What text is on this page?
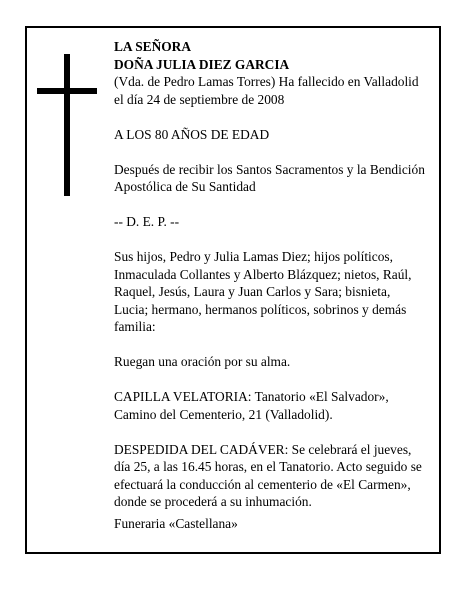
LA SEÑORA

DOÑA JULIA DIEZ GARCIA

(Vda. de Pedro Lamas Torres) Ha fallecido en Valladolid el día 24 de septiembre de 2008

A LOS 80 AÑOS DE EDAD

Después de recibir los Santos Sacramentos y la Bendición Apostólica de Su Santidad

-- D. E. P. --

Sus hijos, Pedro y Julia Lamas Diez; hijos políticos, Inmaculada Collantes y Alberto Blázquez; nietos, Raúl, Raquel, Jesús, Laura y Juan Carlos y Sara; bisnieta, Lucia; hermano, hermanos políticos, sobrinos y demás familia:

Ruegan una oración por su alma.

CAPILLA VELATORIA: Tanatorio «El Salvador», Camino del Cementerio, 21 (Valladolid).

DESPEDIDA DEL CADÁVER: Se celebrará el jueves, día 25, a las 16.45 horas, en el Tanatorio. Acto seguido se efectuará la conducción al cementerio de «El Carmen», donde se procederá a su inhumación.

Funeraria «Castellana»
